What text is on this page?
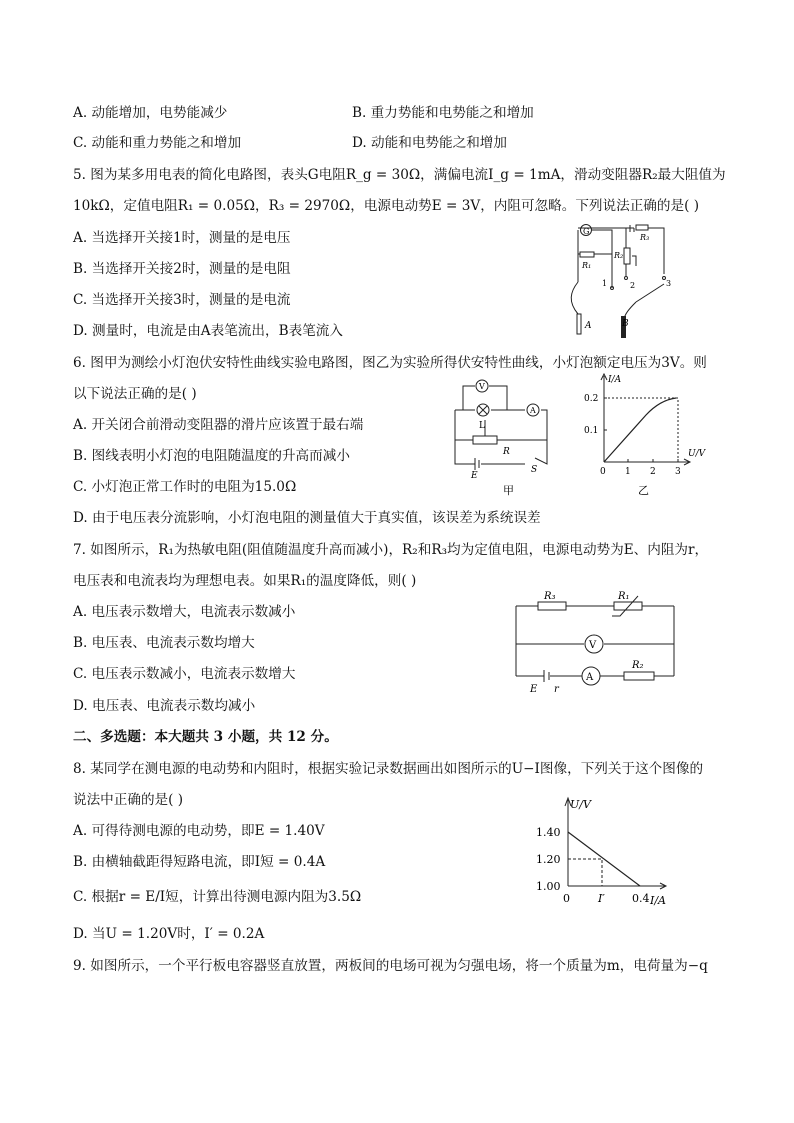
A. 动能增加，电势能减少	B. 重力势能和电势能之和增加
C. 动能和重力势能之和增加	D. 动能和电势能之和增加
5. 图为某多用电表的简化电路图，表头G电阻R_g = 30Ω，满偏电流I_g = 1mA，滑动变阻器R₂最大阻值为
10kΩ，定值电阻R₁ = 0.05Ω，R₃ = 2970Ω，电源电动势E = 3V，内阻可忽略。下列说法正确的是( )
A. 当选择开关接1时，测量的是电压
B. 当选择开关接2时，测量的是电阻
C. 当选择开关接3时，测量的是电流
D. 测量时，电流是由A表笔流出，B表笔流入
G
R₁
R₂
R₃
1	2	3
A	B
6. 图甲为测绘小灯泡伏安特性曲线实验电路图，图乙为实验所得伏安特性曲线，小灯泡额定电压为3V。则
以下说法正确的是( )
A. 开关闭合前滑动变阻器的滑片应该置于最右端
B. 图线表明小灯泡的电阻随温度的升高而减小
C. 小灯泡正常工作时的电阻为15.0Ω
D. 由于电压表分流影响，小灯泡电阻的测量值大于真实值，该误差为系统误差
V
A
L
R
E
S
甲
I/A
U/V
0.2
0.1
0 1 2 3
乙
7. 如图所示，R₁为热敏电阻(阻值随温度升高而减小)，R₂和R₃均为定值电阻，电源电动势为E、内阻为r，
电压表和电流表均为理想电表。如果R₁的温度降低，则( )
A. 电压表示数增大，电流表示数减小
B. 电压表、电流表示数均增大
C. 电压表示数减小，电流表示数增大
D. 电压表、电流表示数均减小
R₃	R₁
V
A
R₂
E r
二、多选题：本大题共 3 小题，共 12 分。
8. 某同学在测电源的电动势和内阻时，根据实验记录数据画出如图所示的U−I图像，下列关于这个图像的
说法中正确的是( )
A. 可得待测电源的电动势，即E = 1.40V
B. 由横轴截距得短路电流，即I短 = 0.4A
C. 根据r = E/I短，计算出待测电源内阻为3.5Ω
D. 当U = 1.20V时，I′ = 0.2A
U/V
I/A
1.40
1.20
1.00
0	I′ 0.4
9. 如图所示，一个平行板电容器竖直放置，两板间的电场可视为匀强电场，将一个质量为m，电荷量为−q
